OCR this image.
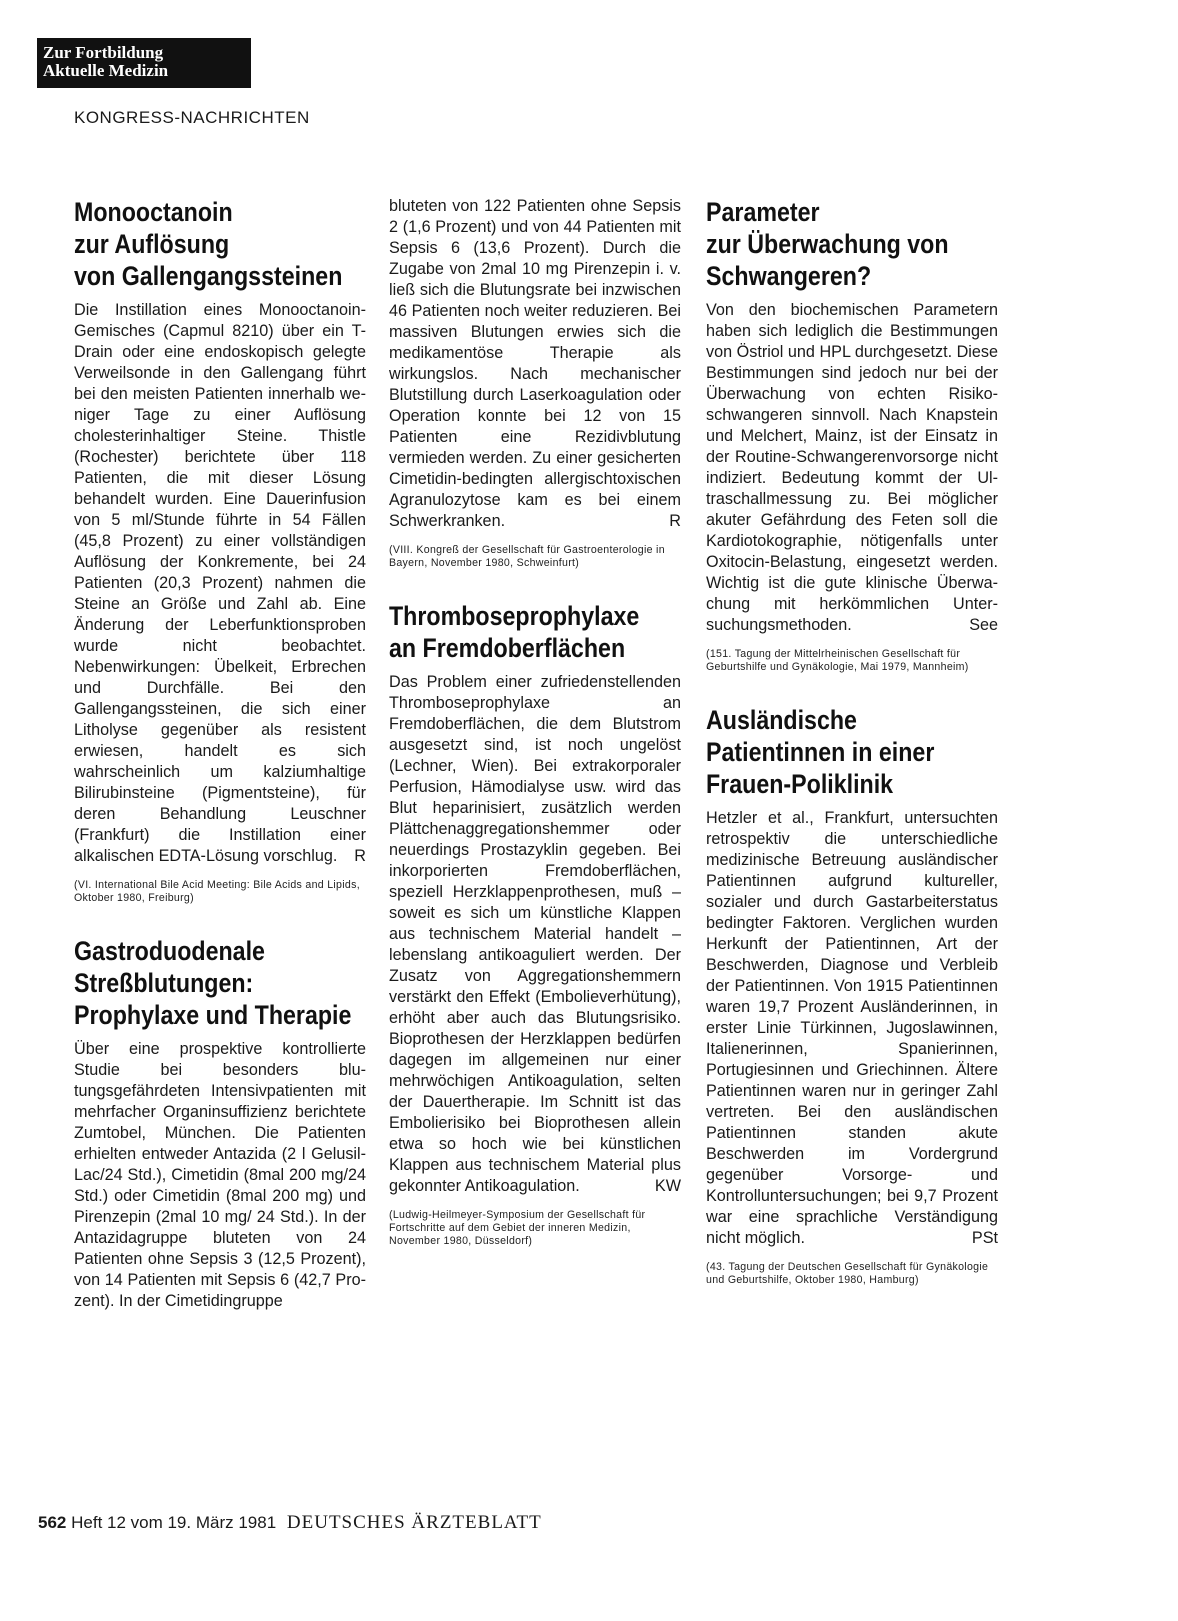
Zur Fortbildung
Aktuelle Medizin
KONGRESS-NACHRICHTEN
Monooctanoin
zur Auflösung
von Gallengangssteinen

Die Instillation eines Monooctanoin-Gemisches (Capmul 8210) über ein T-Drain oder eine endoskopisch gelegte Verweilsonde in den Gallengang führt bei den meisten Patienten innerhalb weniger Tage zu einer Auflösung cholesterinhaltiger Steine. Thistle (Rochester) berichtete über 118 Patienten, die mit dieser Lösung behandelt wurden. Eine Dauerinfusion von 5 ml/Stunde führte in 54 Fällen (45,8 Prozent) zu einer vollständigen Auflösung der Konkremente, bei 24 Patienten (20,3 Prozent) nahmen die Steine an Größe und Zahl ab. Eine Änderung der Leberfunktionsproben wurde nicht beobachtet. Nebenwirkungen: Übelkeit, Erbrechen und Durchfälle. Bei den Gallengangssteinen, die sich einer Litholyse gegenüber als resistent erwiesen, handelt es sich wahrscheinlich um kalziumhaltige Bilirubinsteine (Pigmentsteine), für deren Behandlung Leuschner (Frankfurt) die Instillation einer alkalischen EDTA-Lösung vorschlug. R

(VI. International Bile Acid Meeting: Bile Acids and Lipids, Oktober 1980, Freiburg)

Gastroduodenale
Streßblutungen:
Prophylaxe und Therapie

Über eine prospektive kontrollierte Studie bei besonders blutungsgefährdeten Intensivpatienten mit mehrfacher Organinsuffizienz berichtete Zumtobel, München. Die Patienten erhielten entweder Antazida (2 l Gelusil-Lac/24 Std.), Cimetidin (8mal 200 mg/24 Std.) oder Cimetidin (8mal 200 mg) und Pirenzepin (2mal 10 mg/ 24 Std.). In der Antazidagruppe bluteten von 24 Patienten ohne Sepsis 3 (12,5 Prozent), von 14 Patienten mit Sepsis 6 (42,7 Prozent). In der Cimetidingruppe

bluteten von 122 Patienten ohne Sepsis 2 (1,6 Prozent) und von 44 Patienten mit Sepsis 6 (13,6 Prozent). Durch die Zugabe von 2mal 10 mg Pirenzepin i. v. ließ sich die Blutungsrate bei inzwischen 46 Patienten noch weiter reduzieren. Bei massiven Blutungen erwies sich die medikamentöse Therapie als wirkungslos. Nach mechanischer Blutstillung durch Laserkoagulation oder Operation konnte bei 12 von 15 Patienten eine Rezidivblutung vermieden werden. Zu einer gesicherten Cimetidin-bedingten allergischtoxischen Agranulozytose kam es bei einem Schwerkranken.	R

(VIII. Kongreß der Gesellschaft für Gastroenterologie in Bayern, November 1980, Schweinfurt)

Thromboseprophylaxe
an Fremdoberflächen

Das Problem einer zufriedenstellenden Thromboseprophylaxe an Fremdoberflächen, die dem Blutstrom ausgesetzt sind, ist noch ungelöst (Lechner, Wien). Bei extrakorporaler Perfusion, Hämodialyse usw. wird das Blut heparinisiert, zusätzlich werden Plättchenaggregationshemmer oder neuerdings Prostazyklin gegeben. Bei inkorporierten Fremdoberflächen, speziell Herzklappenprothesen, muß – soweit es sich um künstliche Klappen aus technischem Material handelt – lebenslang antikoaguliert werden. Der Zusatz von Aggregationshemmern verstärkt den Effekt (Embolieverhütung), erhöht aber auch das Blutungsrisiko. Bioprothesen der Herzklappen bedürfen dagegen im allgemeinen nur einer mehrwöchigen Antikoagulation, selten der Dauertherapie. Im Schnitt ist das Embolierisiko bei Bioprothesen allein etwa so hoch wie bei künstlichen Klappen aus technischem Material plus gekonnter Antikoagulation.	KW

(Ludwig-Heilmeyer-Symposium der Gesellschaft für Fortschritte auf dem Gebiet der inneren Medizin, November 1980, Düsseldorf)

Parameter
zur Überwachung von
Schwangeren?

Von den biochemischen Parametern haben sich lediglich die Bestimmungen von Östriol und HPL durchgesetzt. Diese Bestimmungen sind jedoch nur bei der Überwachung von echten Risikoschwangeren sinnvoll. Nach Knapstein und Melchert, Mainz, ist der Einsatz in der Routine-Schwangerenvorsorge nicht indiziert. Bedeutung kommt der Ultraschallmessung zu. Bei möglicher akuter Gefährdung des Feten soll die Kardiotokographie, nötigenfalls unter Oxitocin-Belastung, eingesetzt werden. Wichtig ist die gute klinische Überwachung mit herkömmlichen Untersuchungsmethoden.	See

(151. Tagung der Mittelrheinischen Gesellschaft für Geburtshilfe und Gynäkologie, Mai 1979, Mannheim)

Ausländische
Patientinnen in einer
Frauen-Poliklinik

Hetzler et al., Frankfurt, untersuchten retrospektiv die unterschiedliche medizinische Betreuung ausländischer Patientinnen aufgrund kultureller, sozialer und durch Gastarbeiterstatus bedingter Faktoren. Verglichen wurden Herkunft der Patientinnen, Art der Beschwerden, Diagnose und Verbleib der Patientinnen. Von 1915 Patientinnen waren 19,7 Prozent Ausländerinnen, in erster Linie Türkinnen, Jugoslawinnen, Italienerinnen, Spanierinnen, Portugiesinnen und Griechinnen. Ältere Patientinnen waren nur in geringer Zahl vertreten. Bei den ausländischen Patientinnen standen akute Beschwerden im Vordergrund gegenüber Vorsorge- und Kontrolluntersuchungen; bei 9,7 Prozent war eine sprachliche Verständigung nicht möglich.	PSt

(43. Tagung der Deutschen Gesellschaft für Gynäkologie und Geburtshilfe, Oktober 1980, Hamburg)

562 Heft 12 vom 19. März 1981 DEUTSCHES ÄRZTEBLATT
